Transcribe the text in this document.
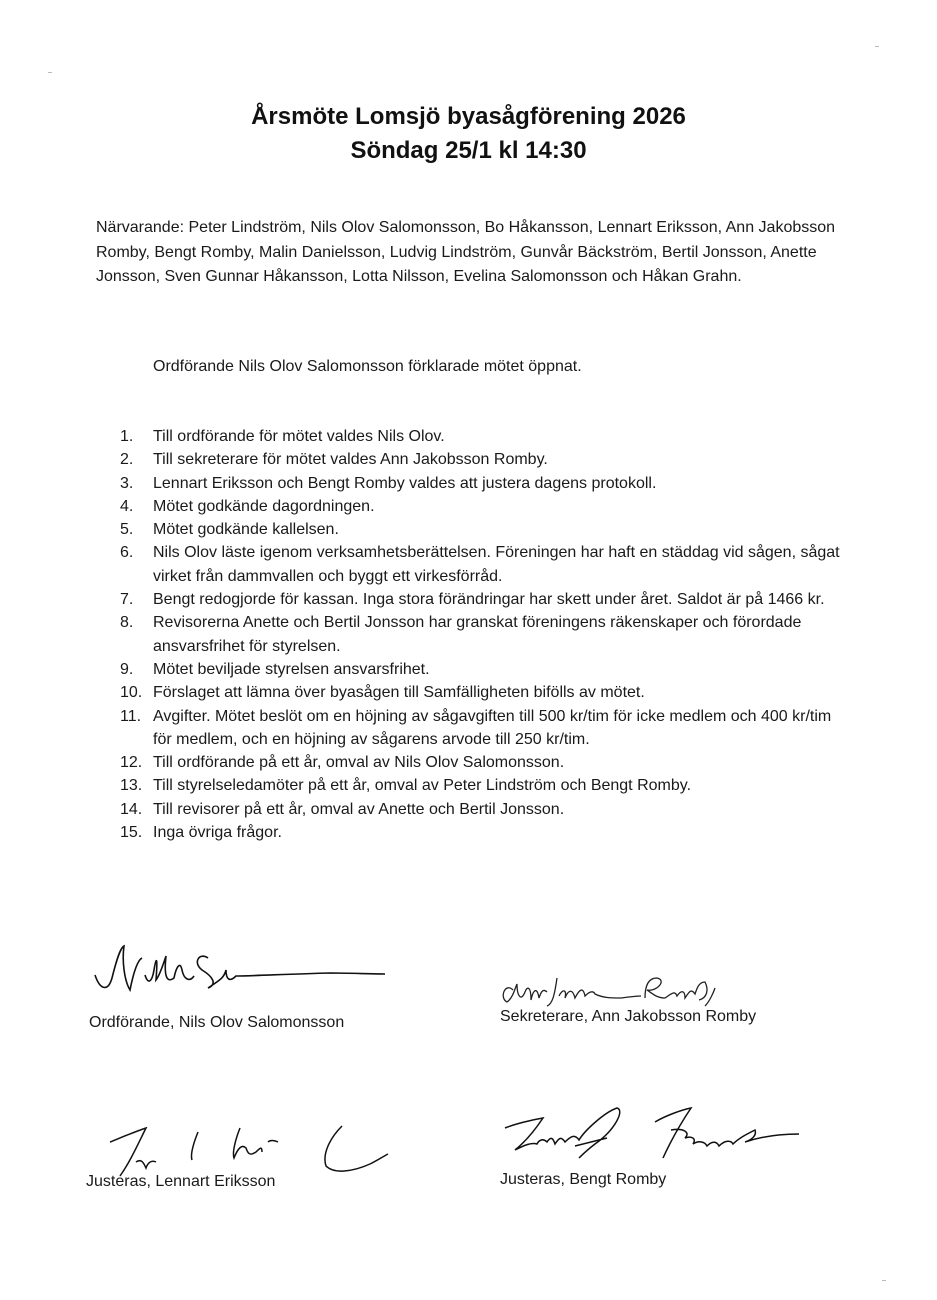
Årsmöte Lomsjö byasågförening 2026
Söndag 25/1 kl 14:30

Närvarande: Peter Lindström, Nils Olov Salomonsson, Bo Håkansson, Lennart Eriksson, Ann Jakobsson Romby, Bengt Romby, Malin Danielsson, Ludvig Lindström, Gunvår Bäckström, Bertil Jonsson, Anette Jonsson, Sven Gunnar Håkansson, Lotta Nilsson, Evelina Salomonsson och Håkan Grahn.

Ordförande Nils Olov Salomonsson förklarade mötet öppnat.

1.	Till ordförande för mötet valdes Nils Olov.
2.	Till sekreterare för mötet valdes Ann Jakobsson Romby.
3.	Lennart Eriksson och Bengt Romby valdes att justera dagens protokoll.
4.	Mötet godkände dagordningen.
5.	Mötet godkände kallelsen.
6.	Nils Olov läste igenom verksamhetsberättelsen. Föreningen har haft en städdag vid sågen, sågat virket från dammvallen och byggt ett virkesförråd.
7.	Bengt redogjorde för kassan. Inga stora förändringar har skett under året. Saldot är på 1466 kr.
8.	Revisorerna Anette och Bertil Jonsson har granskat föreningens räkenskaper och förordade ansvarsfrihet för styrelsen.
9.	Mötet beviljade styrelsen ansvarsfrihet.
10. Förslaget att lämna över byasågen till Samfälligheten bifölls av mötet.
11. Avgifter. Mötet beslöt om en höjning av sågavgiften till 500 kr/tim för icke medlem och 400 kr/tim för medlem, och en höjning av sågarens arvode till 250 kr/tim.
12. Till ordförande på ett år, omval av Nils Olov Salomonsson.
13. Till styrelseledamöter på ett år, omval av Peter Lindström och Bengt Romby.
14. Till revisorer på ett år, omval av Anette och Bertil Jonsson.
15. Inga övriga frågor.
Ordförande, Nils Olov Salomonsson	Sekreterare, Ann Jakobsson Romby
Justeras, Lennart Eriksson	Justeras, Bengt Romby
